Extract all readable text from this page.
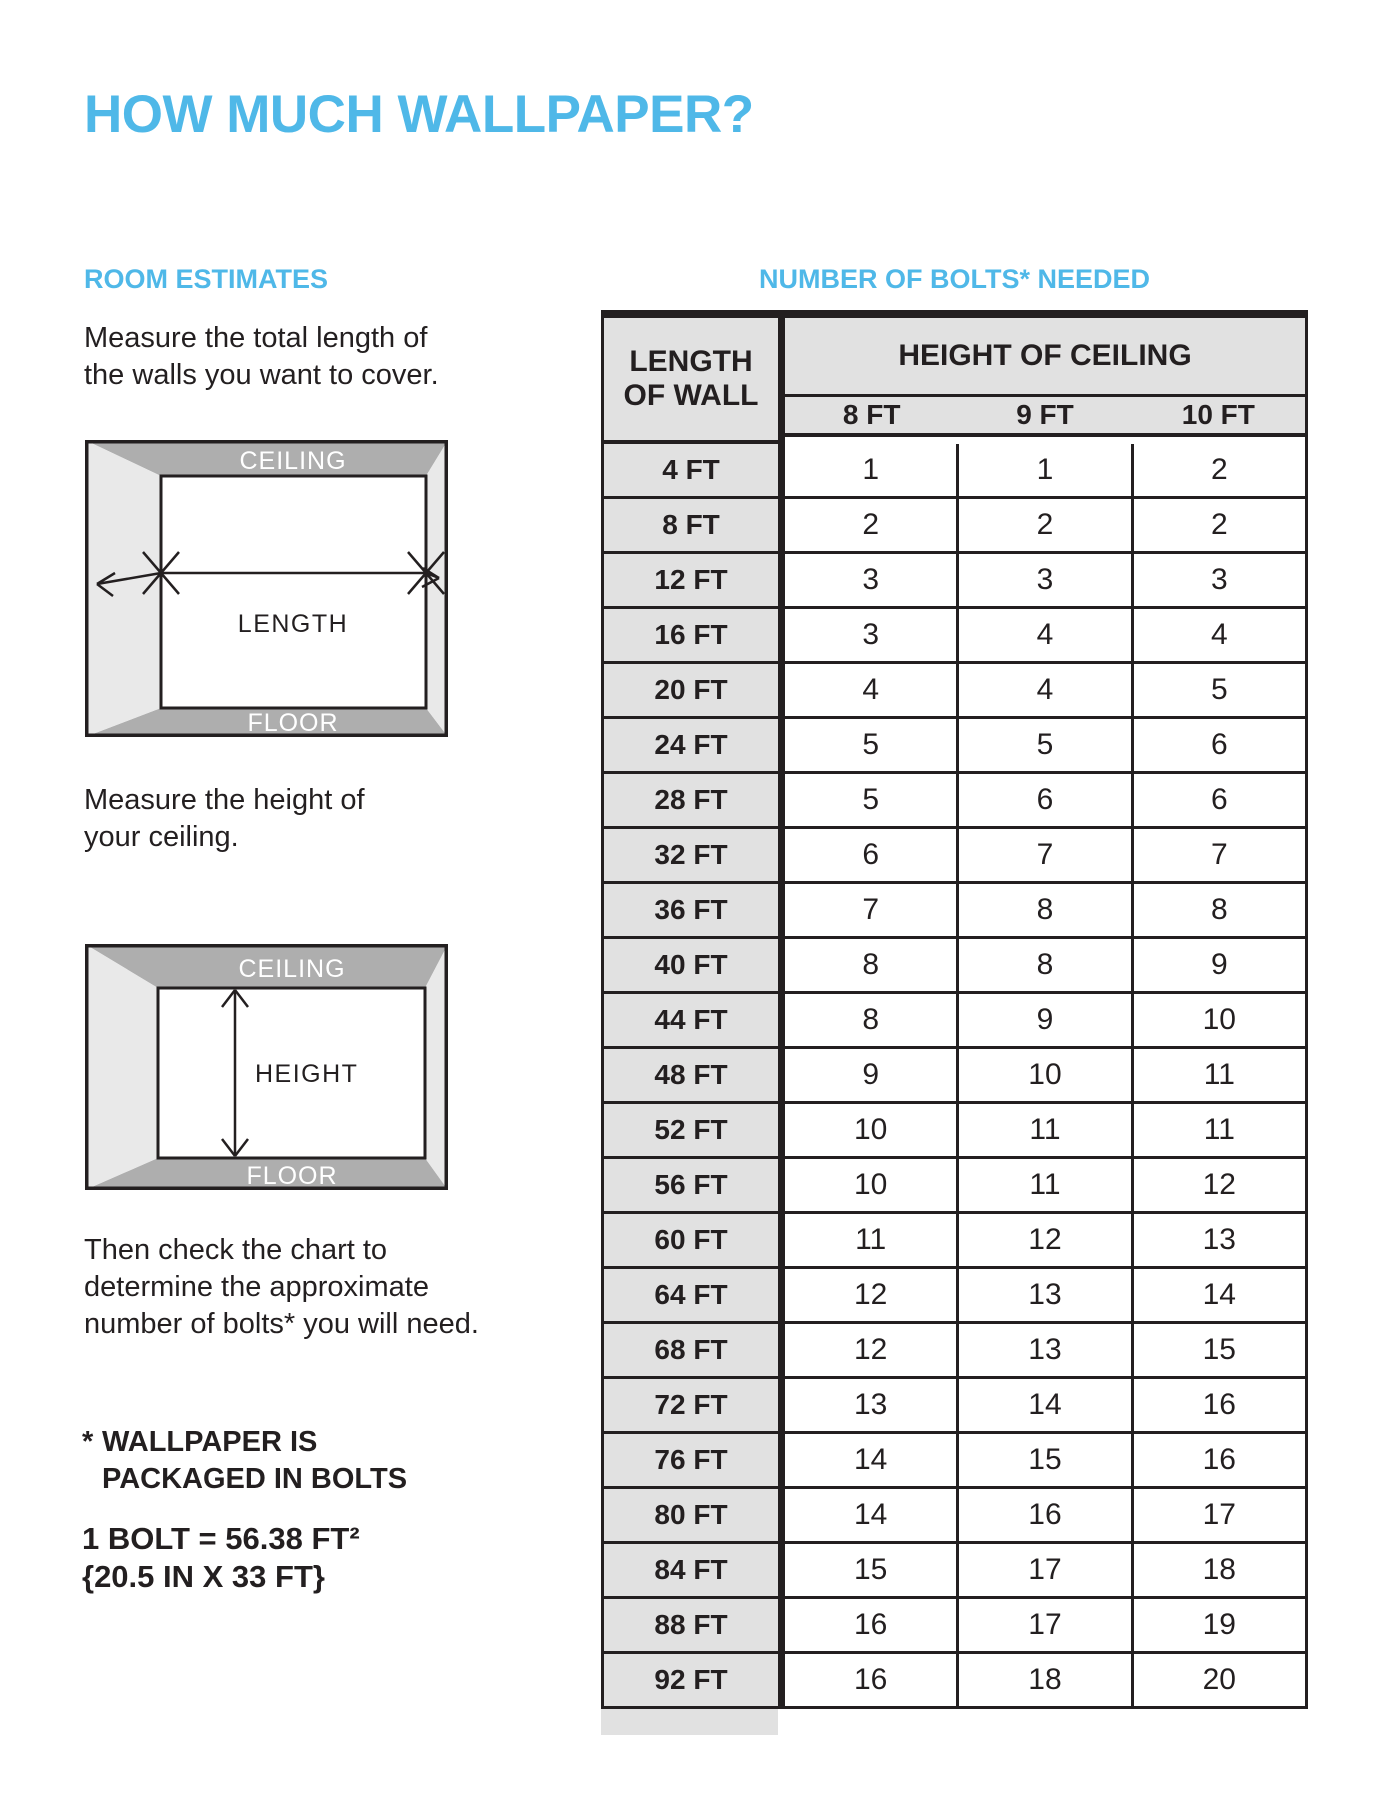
HOW MUCH WALLPAPER?
ROOM ESTIMATES	NUMBER OF BOLTS* NEEDED
Measure the total length of
the walls you want to cover.
CEILING
LENGTH
FLOOR
Measure the height of
your ceiling.
CEILING
HEIGHT
FLOOR
Then check the chart to
determine the approximate
number of bolts* you will need.
* WALLPAPER IS
PACKAGED IN BOLTS
1 BOLT = 56.38 FT²
{20.5 IN X 33 FT}
LENGTH
OF WALL
HEIGHT OF CEILING
8 FT	9 FT	10 FT
4 FT	1	1	2
8 FT	2	2	2
12 FT	3	3	3
16 FT	3	4	4
20 FT	4	4	5
24 FT	5	5	6
28 FT	5	6	6
32 FT	6	7	7
36 FT	7	8	8
40 FT	8	8	9
44 FT	8	9	10
48 FT	9	10	11
52 FT	10	11	11
56 FT	10	11	12
60 FT	11	12	13
64 FT	12	13	14
68 FT	12	13	15
72 FT	13	14	16
76 FT	14	15	16
80 FT	14	16	17
84 FT	15	17	18
88 FT	16	17	19
92 FT	16	18	20
